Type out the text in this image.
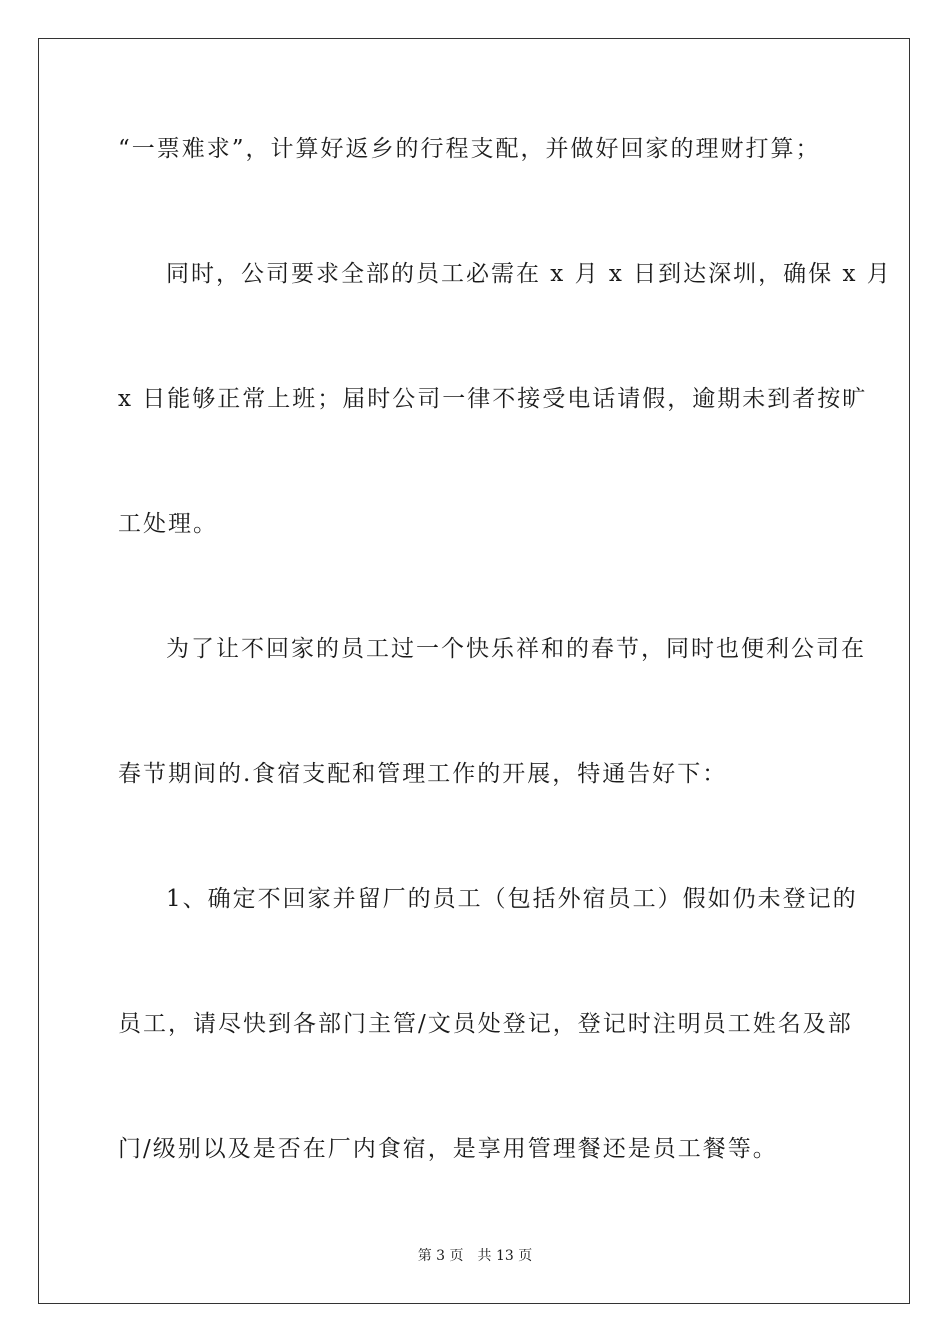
“一票难求”，计算好返乡的行程支配，并做好回家的理财打算；
同时，公司要求全部的员工必需在 x 月 x 日到达深圳，确保 x 月
x 日能够正常上班；届时公司一律不接受电话请假，逾期未到者按旷
工处理。
为了让不回家的员工过一个快乐祥和的春节，同时也便利公司在
春节期间的.食宿支配和管理工作的开展，特通告好下：
1、确定不回家并留厂的员工（包括外宿员工）假如仍未登记的
员工，请尽快到各部门主管/文员处登记，登记时注明员工姓名及部
门/级别以及是否在厂内食宿，是享用管理餐还是员工餐等。
第 3 页 共 13 页
